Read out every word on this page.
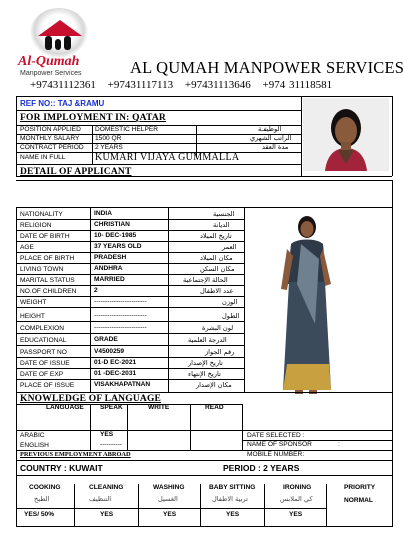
Al-Qumah
Manpower Services	AL QUMAH MANPOWER SERVICES
+97431112361 +97431117113 +97431113646 +974 31118581
REF NO:: TAJ &RAMU
FOR IMPLOYMENT IN: QATAR
POSITION APPLIED DOMESTIC HELPER	الوظيفـة
MONTHLY SALARY 1500 QR	الراتب الشهري
CONTRACT PERIOD 2 YEARS	مدة العقد
NAME IN FULL	KUMARI VIJAYA GUMMALLA
DETAIL OF APPLICANT
NATIONALITY	INDIA	الجنسية
RELIGION	CHRISTIAN	الديانة
DATE OF BIRTH	10- DEC-1985	تاريخ الميلاد
AGE	37 YEARS OLD	العمر
PLACE OF BIRTH	PRADESH	مكان الميلاد
LIVING TOWN	ANDHRA	مكان السكن
MARITAL STATUS	MARRIED	الحالة الإجتماعية
NO.OF CHILDREN	2	عدد الاطفال
WEIGHT	------------------------	الوزن
HEIGHT	------------------------	الطول
COMPLEXION	------------------------	لون البشرة
EDUCATIONAL	GRADE	الدرجة العلمية
PASSPORT NO	V4500259	رقم الجواز
DATE OF ISSUE	01-D EC-2021	تاريخ الإصدار
DATE OF EXP	01 -DEC-2031	تاريخ الإنتهاء
PLACE OF ISSUE	VISAKHAPATNAN	مكان الإصدار
KNOWLEDGE OF LANGUAGE
LANGUAGE SPEAK	WRITE	READ
ARABIC	YES
ENGLISH	----------
DATE SELECTED :
NAME OF SPONSOR	:
MOBILE NUMBER:
PREVIOUS EMPLOYMENT ABROAD
COUNTRY : KUWAIT	PERIOD : 2 YEARS
COOKING	CLEANING	WASHING	BABY SITTING	IRONING	PRIORITY
الطبخ	التنظيف	الغسيل	تربية الاطفال	كي الملابس	NORMAL
YES/ 50%	YES	YES	YES	YES
